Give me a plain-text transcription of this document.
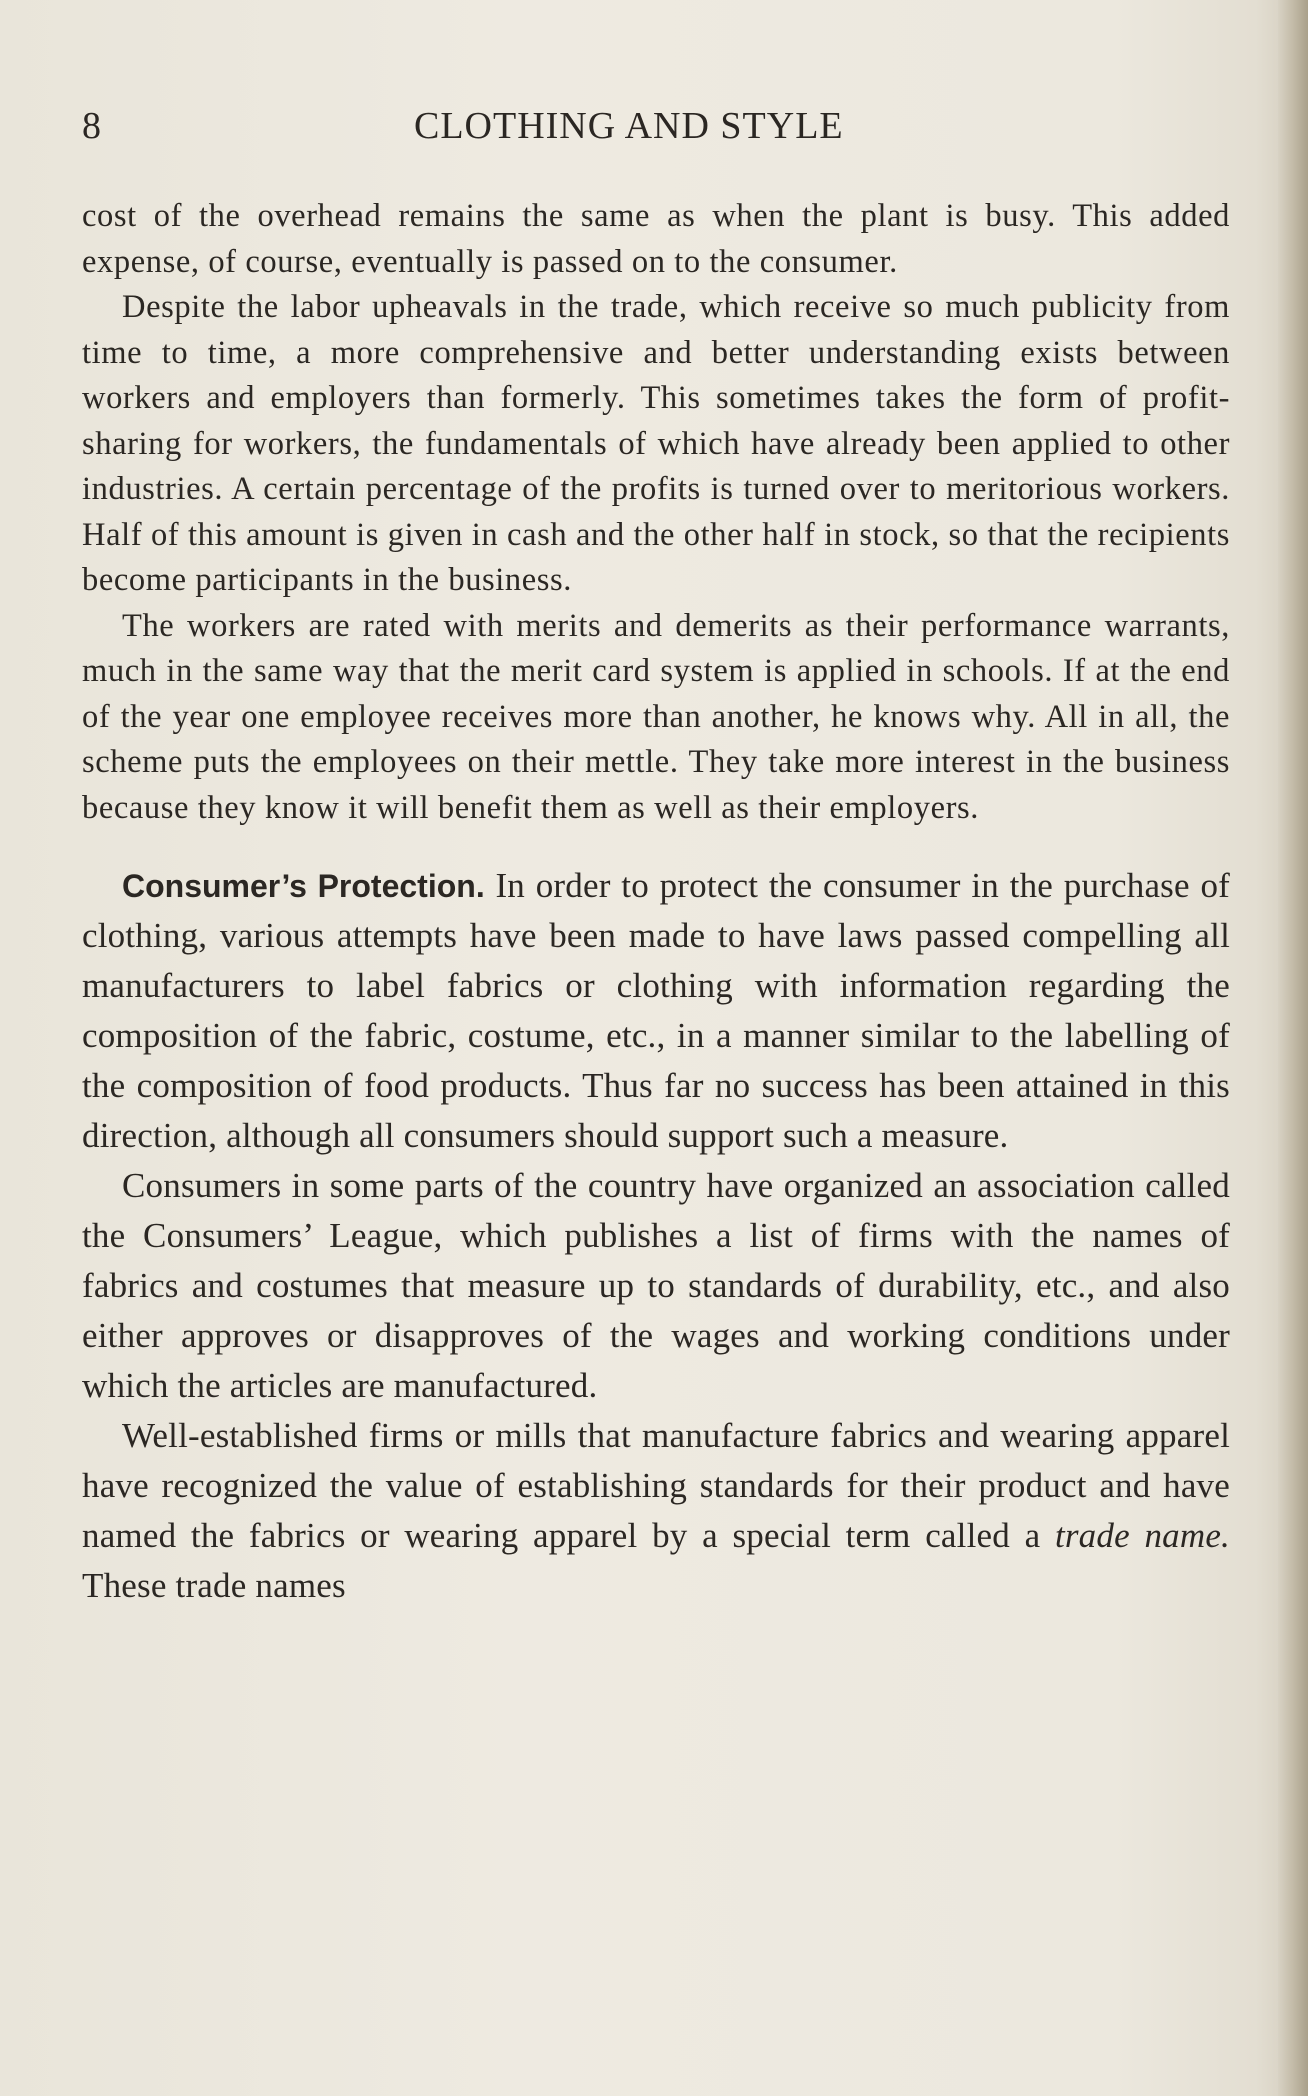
8	CLOTHING AND STYLE

cost of the overhead remains the same as when the plant is busy. This added expense, of course, eventually is passed on to the consumer.

Despite the labor upheavals in the trade, which receive so much publicity from time to time, a more comprehensive and better understanding exists between workers and employers than formerly. This sometimes takes the form of profit-sharing for workers, the fundamentals of which have already been applied to other industries. A certain percentage of the profits is turned over to meritorious workers. Half of this amount is given in cash and the other half in stock, so that the recipients become participants in the business.

The workers are rated with merits and demerits as their performance warrants, much in the same way that the merit card system is applied in schools. If at the end of the year one employee receives more than another, he knows why. All in all, the scheme puts the employees on their mettle. They take more interest in the business because they know it will benefit them as well as their employers.

Consumer’s Protection. In order to protect the consumer in the purchase of clothing, various attempts have been made to have laws passed compelling all manufacturers to label fabrics or clothing with information regarding the composition of the fabric, costume, etc., in a manner similar to the labelling of the composition of food products. Thus far no success has been attained in this direction, although all consumers should support such a measure.

Consumers in some parts of the country have organized an association called the Consumers’ League, which publishes a list of firms with the names of fabrics and costumes that measure up to standards of durability, etc., and also either approves or disapproves of the wages and working conditions under which the articles are manufactured.

Well-established firms or mills that manufacture fabrics and wearing apparel have recognized the value of establishing standards for their product and have named the fabrics or wearing apparel by a special term called a trade name. These trade names
